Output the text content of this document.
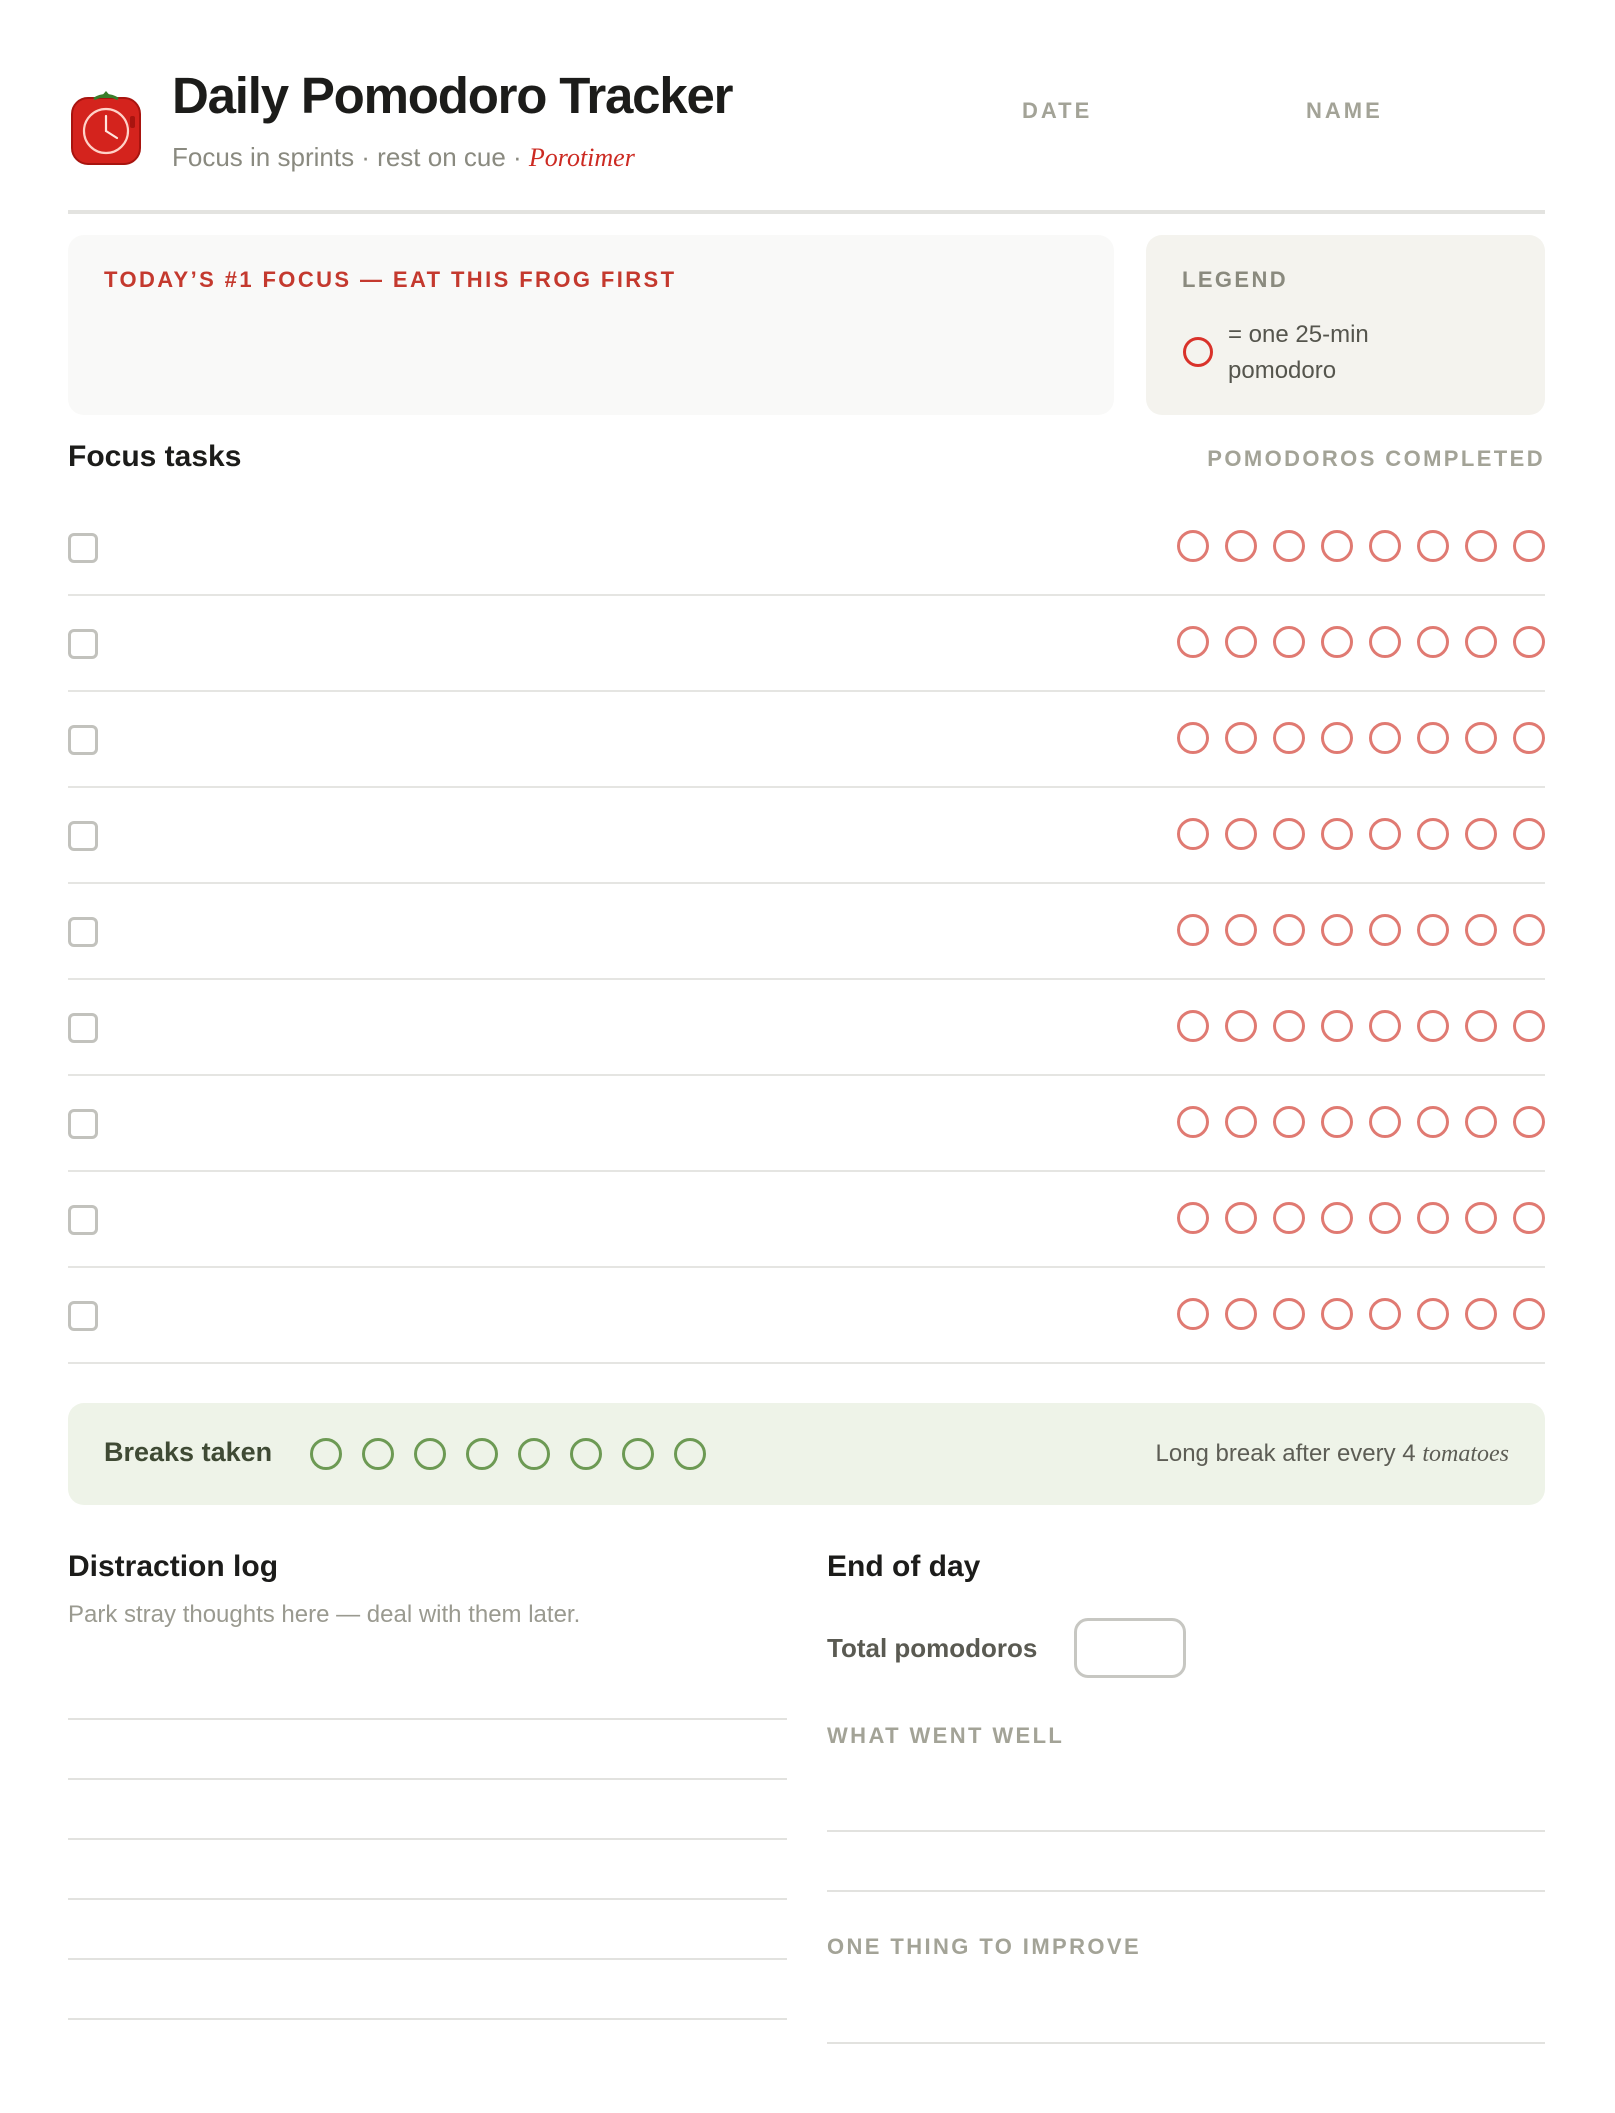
Daily Pomodoro Tracker
Focus in sprints · rest on cue · Porotimer
DATE	NAME
TODAY’S #1 FOCUS — EAT THIS FROG FIRST	LEGEND
= one 25-min pomodoro
Focus tasks	POMODOROS COMPLETED
Breaks taken	Long break after every 4 tomatoes
Distraction log
Park stray thoughts here — deal with them later.
End of day
Total pomodoros
WHAT WENT WELL
ONE THING TO IMPROVE
